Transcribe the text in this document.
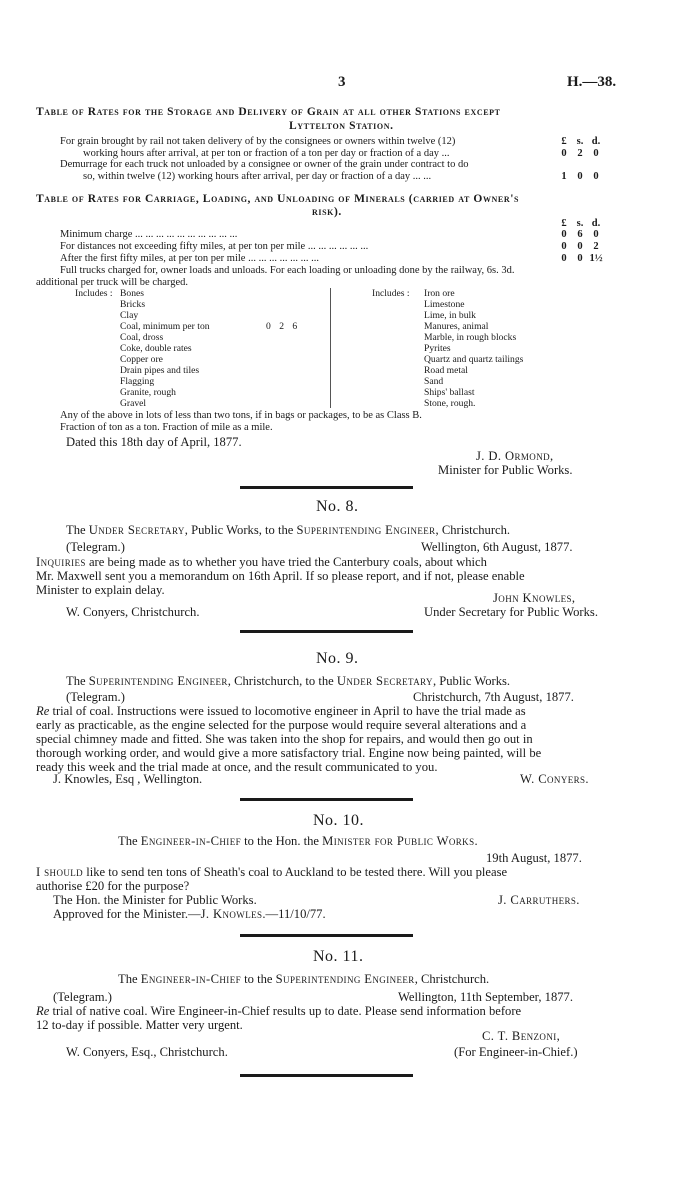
3	H.—38.
Table of Rates for the Storage and Delivery of Grain at all other Stations except
Lyttelton Station.
£ s. d.
For grain brought by rail not taken delivery of by the consignees or owners within twelve (12)
working hours after arrival, at per ton or fraction of a ton per day or fraction of a day ...	0 2 0
Demurrage for each truck not unloaded by a consignee or owner of the grain under contract to do
so, within twelve (12) working hours after arrival, per day or fraction of a day ... ...	1 0 0
Table of Rates for Carriage, Loading, and Unloading of Minerals (carried at Owner's
risk).
£ s. d.
Minimum charge ... ... ... ... ... ... ... ... ... ...	0 6 0
For distances not exceeding fifty miles, at per ton per mile ... ... ... ... ... ...	0 0 2
After the first fifty miles, at per ton per mile ... ... ... ... ... ... ...	0 0 1½
Full trucks charged for, owner loads and unloads. For each loading or unloading done by the railway, 6s. 3d.
additional per truck will be charged.
Includes : Bones
Bricks
Clay
Coal, minimum per ton	0 2 6
Coal, dross
Coke, double rates
Copper ore
Drain pipes and tiles
Flagging
Granite, rough
Gravel
Includes : Iron ore
Limestone
Lime, in bulk
Manures, animal
Marble, in rough blocks
Pyrites
Quartz and quartz tailings
Road metal
Sand
Ships' ballast
Stone, rough.
Any of the above in lots of less than two tons, if in bags or packages, to be as Class B.
Fraction of ton as a ton. Fraction of mile as a mile.
Dated this 18th day of April, 1877.
J. D. Ormond,
Minister for Public Works.
No. 8.
The Under Secretary, Public Works, to the Superintending Engineer, Christchurch.
(Telegram.)	Wellington, 6th August, 1877.
Inquiries are being made as to whether you have tried the Canterbury coals, about which
Mr. Maxwell sent you a memorandum on 16th April. If so please report, and if not, please enable
Minister to explain delay.
John Knowles,
W. Conyers, Christchurch.	Under Secretary for Public Works.
No. 9.
The Superintending Engineer, Christchurch, to the Under Secretary, Public Works.
(Telegram.)	Christchurch, 7th August, 1877.
Re trial of coal. Instructions were issued to locomotive engineer in April to have the trial made as
early as practicable, as the engine selected for the purpose would require several alterations and a
special chimney made and fitted. She was taken into the shop for repairs, and would then go out in
thorough working order, and would give a more satisfactory trial. Engine now being painted, will be
ready this week and the trial made at once, and the result communicated to you.
J. Knowles, Esq , Wellington.	W. Conyers.
No. 10.
The Engineer-in-Chief to the Hon. the Minister for Public Works.
19th August, 1877.
I should like to send ten tons of Sheath's coal to Auckland to be tested there. Will you please
authorise £20 for the purpose?
The Hon. the Minister for Public Works.	J. Carruthers.
Approved for the Minister.—J. Knowles.—11/10/77.
No. 11.
The Engineer-in-Chief to the Superintending Engineer, Christchurch.
(Telegram.)	Wellington, 11th September, 1877.
Re trial of native coal. Wire Engineer-in-Chief results up to date. Please send information before
12 to-day if possible. Matter very urgent.
C. T. Benzoni,
W. Conyers, Esq., Christchurch.	(For Engineer-in-Chief.)
